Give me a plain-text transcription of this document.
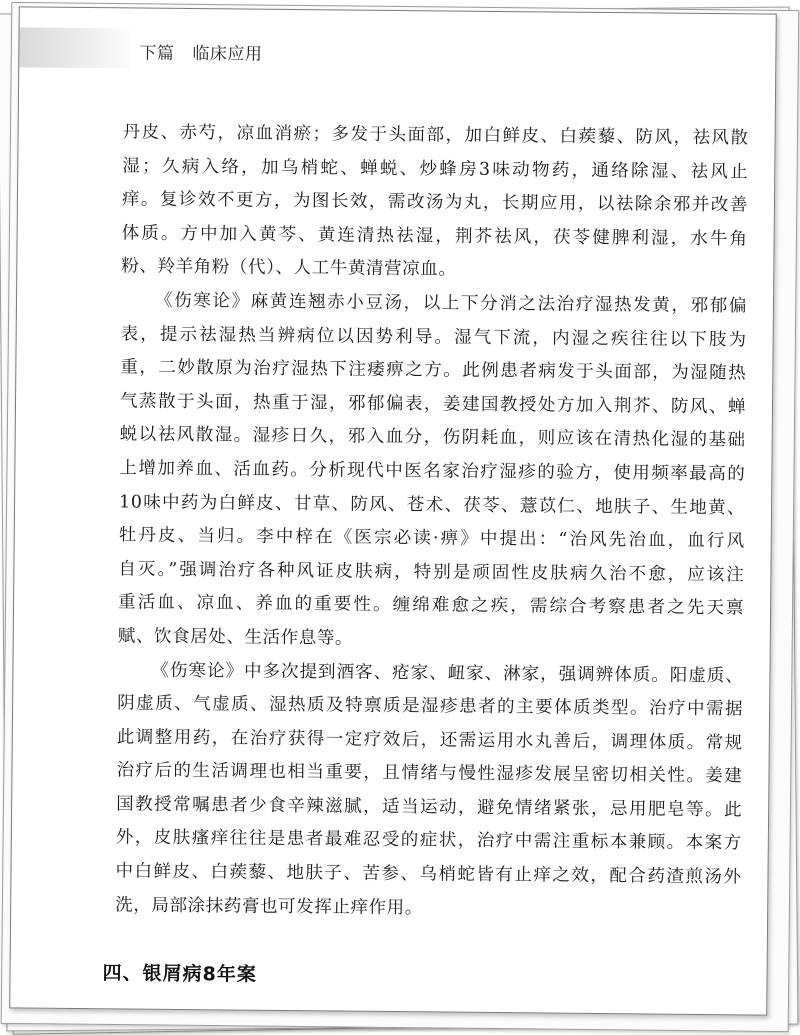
下篇 临床应用
丹皮、赤芍，凉血消瘀；多发于头面部，加白鲜皮、白蒺藜、防风，祛风散
湿；久病入络，加乌梢蛇、蝉蜕、炒蜂房3味动物药，通络除湿、祛风止
痒。复诊效不更方，为图长效，需改汤为丸，长期应用，以祛除余邪并改善
体质。方中加入黄芩、黄连清热祛湿，荆芥祛风，茯苓健脾利湿，水牛角
粉、羚羊角粉（代）、人工牛黄清营凉血。
《伤寒论》麻黄连翘赤小豆汤，以上下分消之法治疗湿热发黄，邪郁偏
表，提示祛湿热当辨病位以因势利导。湿气下流，内湿之疾往往以下肢为
重，二妙散原为治疗湿热下注痿痹之方。此例患者病发于头面部，为湿随热
气蒸散于头面，热重于湿，邪郁偏表，姜建国教授处方加入荆芥、防风、蝉
蜕以祛风散湿。湿疹日久，邪入血分，伤阴耗血，则应该在清热化湿的基础
上增加养血、活血药。分析现代中医名家治疗湿疹的验方，使用频率最高的
10味中药为白鲜皮、甘草、防风、苍术、茯苓、薏苡仁、地肤子、生地黄、
牡丹皮、当归。李中梓在《医宗必读·痹》中提出：“治风先治血，血行风
自灭。”强调治疗各种风证皮肤病，特别是顽固性皮肤病久治不愈，应该注
重活血、凉血、养血的重要性。缠绵难愈之疾，需综合考察患者之先天禀
赋、饮食居处、生活作息等。
《伤寒论》中多次提到酒客、疮家、衄家、淋家，强调辨体质。阳虚质、
阴虚质、气虚质、湿热质及特禀质是湿疹患者的主要体质类型。治疗中需据
此调整用药，在治疗获得一定疗效后，还需运用水丸善后，调理体质。常规
治疗后的生活调理也相当重要，且情绪与慢性湿疹发展呈密切相关性。姜建
国教授常嘱患者少食辛辣滋腻，适当运动，避免情绪紧张，忌用肥皂等。此
外，皮肤瘙痒往往是患者最难忍受的症状，治疗中需注重标本兼顾。本案方
中白鲜皮、白蒺藜、地肤子、苦参、乌梢蛇皆有止痒之效，配合药渣煎汤外
洗，局部涂抹药膏也可发挥止痒作用。
四、银屑病8年案
